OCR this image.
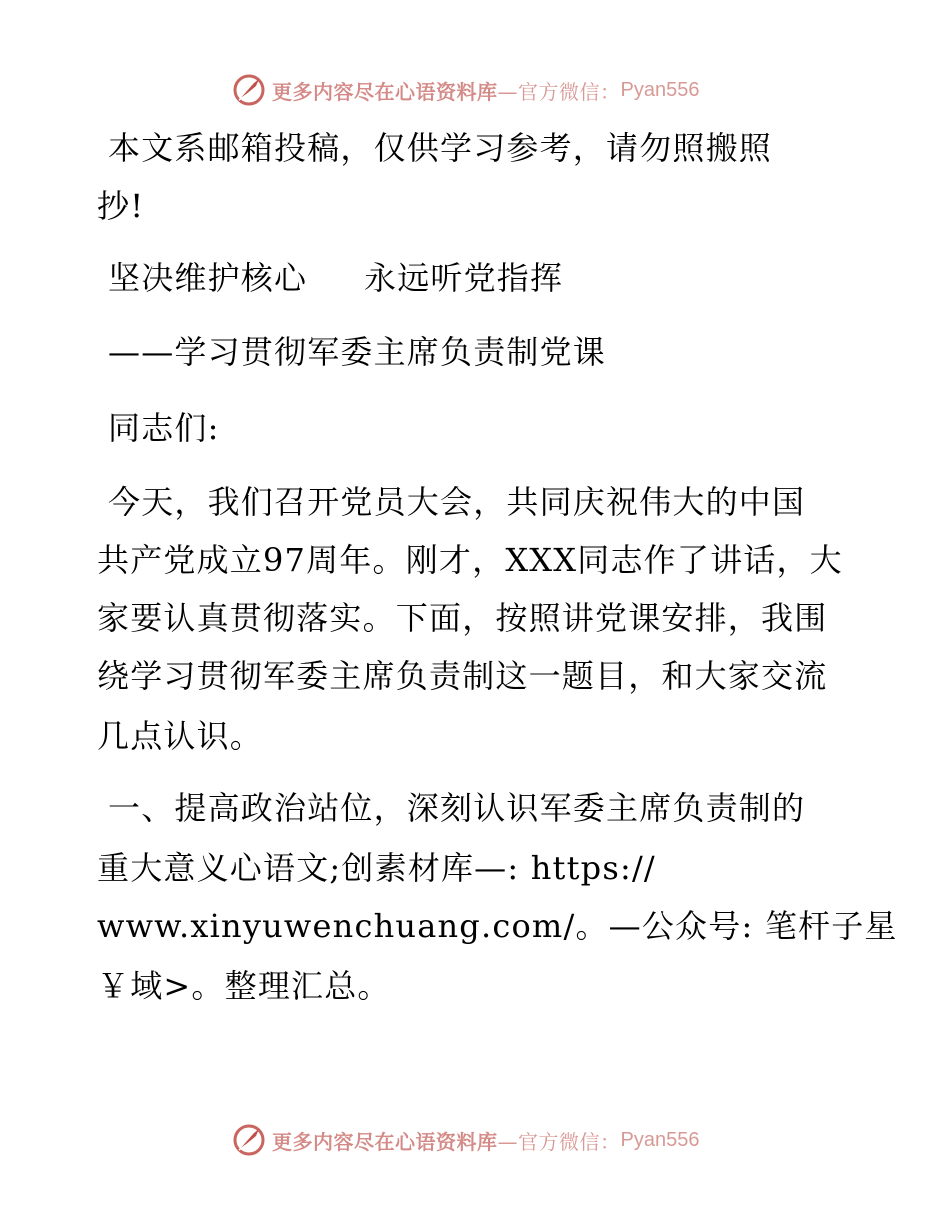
更多内容尽在心语资料库 —官方微信： Pyan556
本文系邮箱投稿，仅供学习参考，请勿照搬照
抄!
坚决维护核心 永远听党指挥
——学习贯彻军委主席负责制党课
同志们:
今天，我们召开党员大会，共同庆祝伟大的中国
共产党成立97周年。刚才，XXX同志作了讲话，大
家要认真贯彻落实。下面，按照讲党课安排，我围
绕学习贯彻军委主席负责制这一题目，和大家交流
几点认识。
一、提高政治站位，深刻认识军委主席负责制的
重大意义心语文;创素材库—: https://
www.xinyuwenchuang.com/。—公众号: 笔杆子星
￥域>。整理汇总。
更多内容尽在心语资料库 —官方微信： Pyan556
